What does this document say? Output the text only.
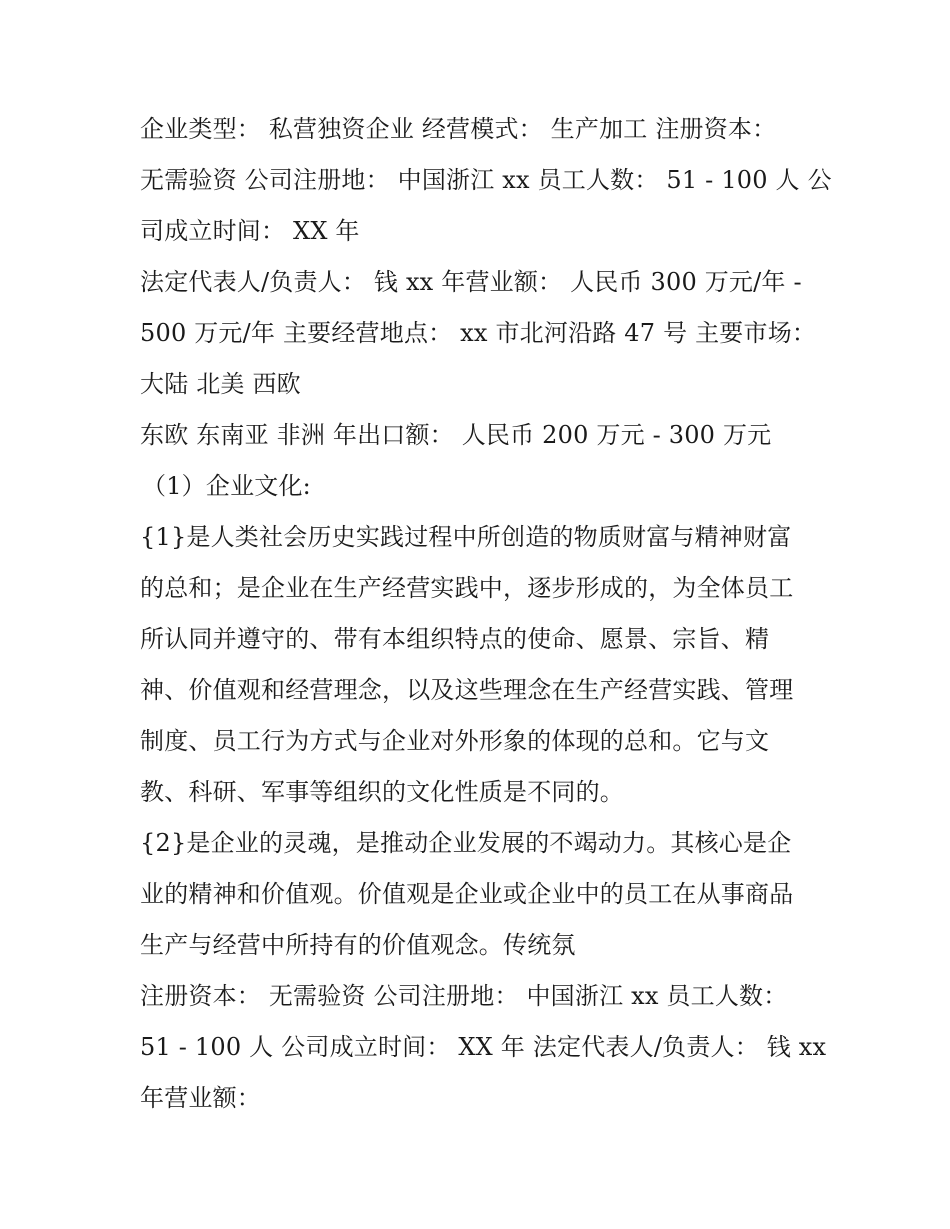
企业类型： 私营独资企业 经营模式： 生产加工 注册资本：
无需验资 公司注册地： 中国浙江 xx 员工人数： 51 - 100 人 公
司成立时间： XX 年
法定代表人/负责人： 钱 xx 年营业额： 人民币 300 万元/年 -
500 万元/年 主要经营地点： xx 市北河沿路 47 号 主要市场：
大陆 北美 西欧
东欧 东南亚 非洲 年出口额： 人民币 200 万元 - 300 万元
（1）企业文化:
{1}是人类社会历史实践过程中所创造的物质财富与精神财富
的总和；是企业在生产经营实践中，逐步形成的，为全体员工
所认同并遵守的、带有本组织特点的使命、愿景、宗旨、精
神、价值观和经营理念，以及这些理念在生产经营实践、管理
制度、员工行为方式与企业对外形象的体现的总和。它与文
教、科研、军事等组织的文化性质是不同的。
{2}是企业的灵魂，是推动企业发展的不竭动力。其核心是企
业的精神和价值观。价值观是企业或企业中的员工在从事商品
生产与经营中所持有的价值观念。传统氛
注册资本： 无需验资 公司注册地： 中国浙江 xx 员工人数：
51 - 100 人 公司成立时间： XX 年 法定代表人/负责人： 钱 xx
年营业额：
